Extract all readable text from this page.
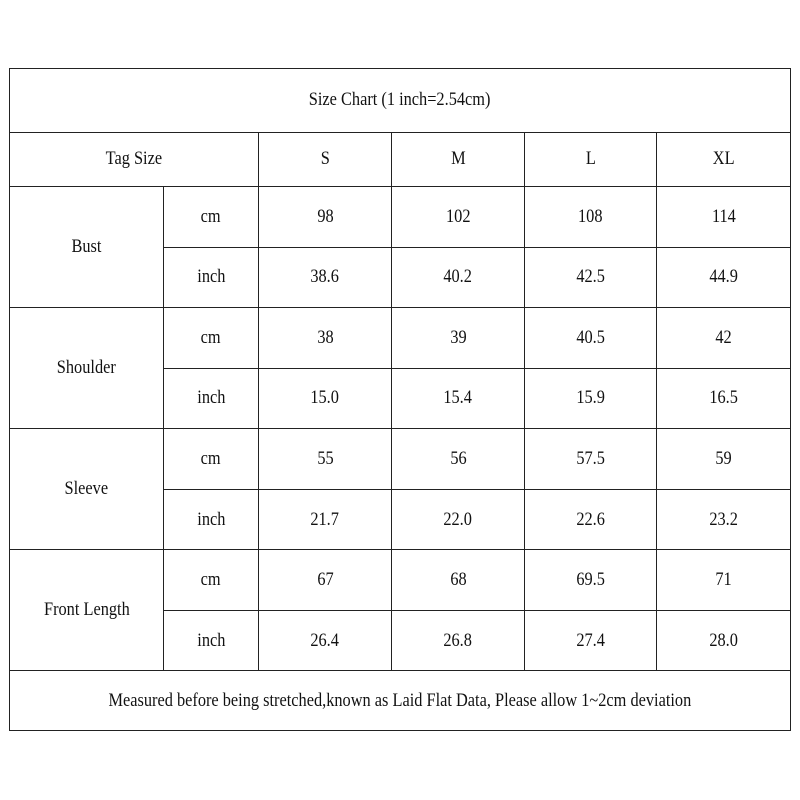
Size Chart (1 inch=2.54cm)					
Tag Size		S	M	L	XL
Bust	cm	98	102	108	114
	inch	38.6	40.2	42.5	44.9
Shoulder	cm	38	39	40.5	42
	inch	15.0	15.4	15.9	16.5
Sleeve	cm	55	56	57.5	59
	inch	21.7	22.0	22.6	23.2
Front Length	cm	67	68	69.5	71
	inch	26.4	26.8	27.4	28.0
Measured before being stretched,known as Laid Flat Data, Please allow 1~2cm deviation					
